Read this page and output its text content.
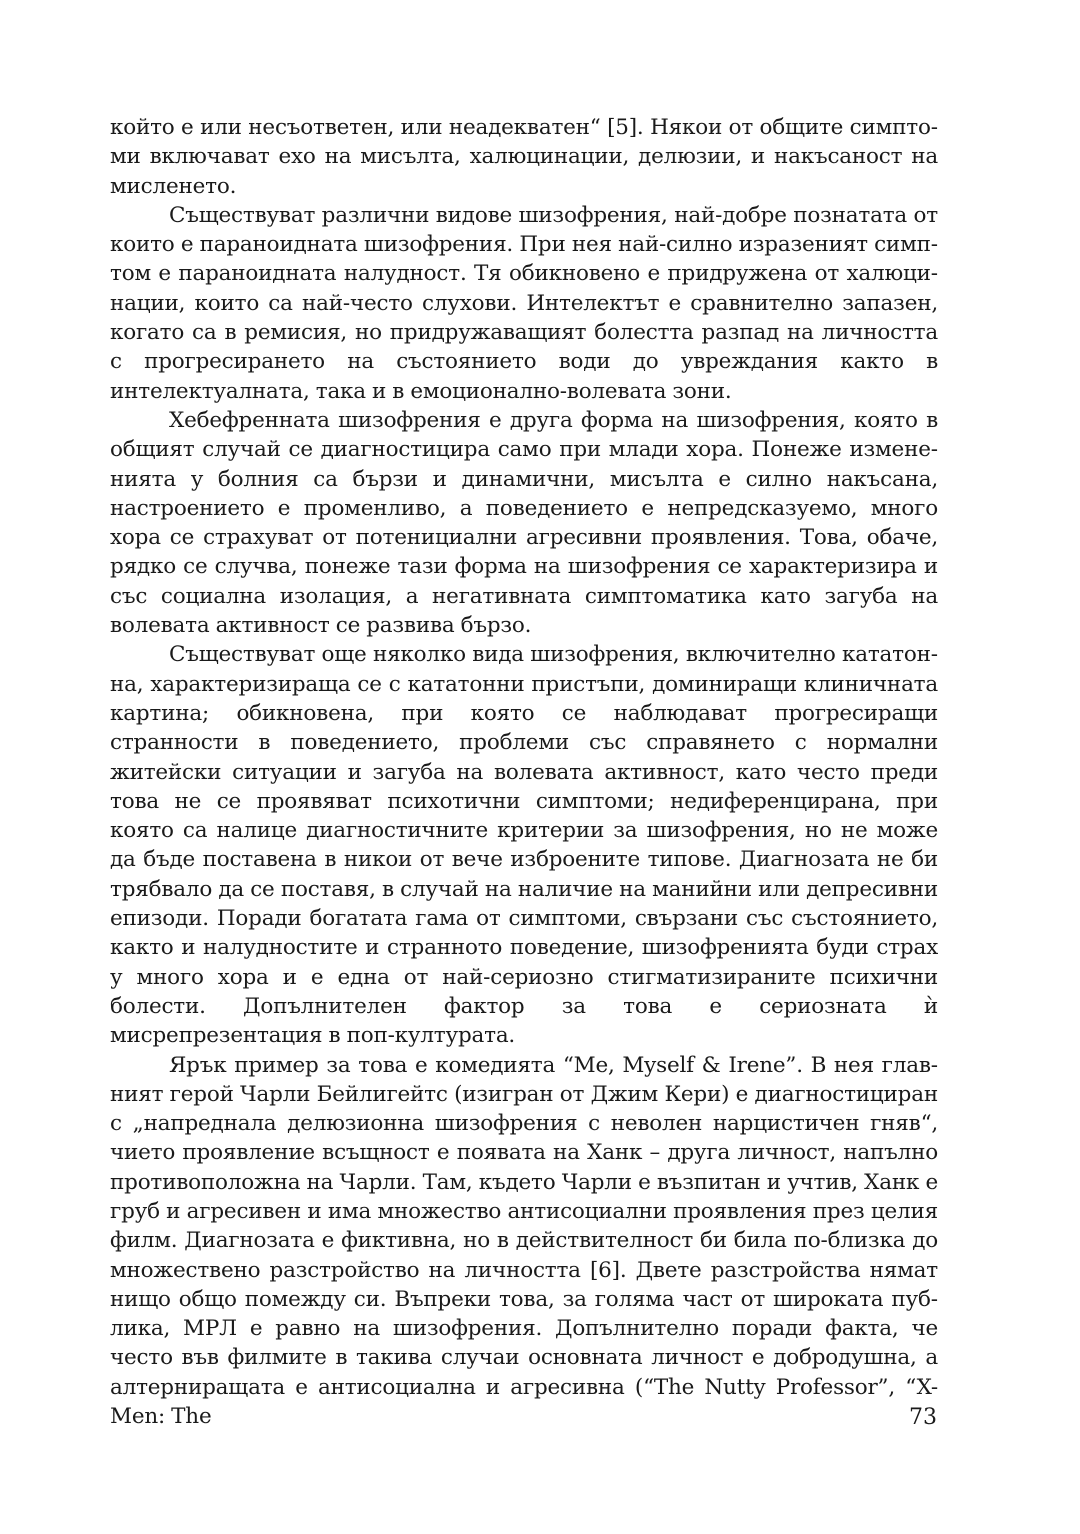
който е или несъответен, или неадекватен“ [5]. Някои от общите симптоми включават ехо на мисълта, халюцинации, делюзии, и накъсаност на мисленето.

Съществуват различни видове шизофрения, най-добре познатата от които е параноидната шизофрения. При нея най-силно изразеният симптом е параноидната налудност. Тя обикновено е придружена от халюцинации, които са най-често слухови. Интелектът е сравнително запазен, когато са в ремисия, но придружаващият болестта разпад на личността с прогресирането на състоянието води до увреждания както в интелектуалната, така и в емоционално-волевата зони.

Хебефренната шизофрения е друга форма на шизофрения, която в общият случай се диагностицира само при млади хора. Понеже измененията у болния са бързи и динамични, мисълта е силно накъсана, настроението е променливо, а поведението е непредсказуемо, много хора се страхуват от потенициални агресивни проявления. Това, обаче, рядко се случва, понеже тази форма на шизофрения се характеризира и със социална изолация, а негативната симптоматика като загуба на волевата активност се развива бързо.

Съществуват още няколко вида шизофрения, включително кататонна, характеризираща се с кататонни пристъпи, доминиращи клиничната картина; обикновена, при която се наблюдават прогресиращи странности в поведението, проблеми със справянето с нормални житейски ситуации и загуба на волевата активност, като често преди това не се проявяват психотични симптоми; недиференцирана, при която са налице диагностичните критерии за шизофрения, но не може да бъде поставена в никои от вече изброените типове. Диагнозата не би трябвало да се поставя, в случай на наличие на манийни или депресивни епизоди. Поради богатата гама от симптоми, свързани със състоянието, както и налудностите и странното поведение, шизофренията буди страх у много хора и е една от най-сериозно стигматизираните психични болести. Допълнителен фактор за това е сериозната ѝ мисрепрезентация в поп-културата.

Ярък пример за това е комедията “Me, Myself & Irene”. В нея главният герой Чарли Бейлигейтс (изигран от Джим Кери) е диагностициран с „напреднала делюзионна шизофрения с неволен нарцистичен гняв“, чието проявление всъщност е появата на Ханк – друга личност, напълно противоположна на Чарли. Там, където Чарли е възпитан и учтив, Ханк е груб и агресивен и има множество антисоциални проявления през целия филм. Диагнозата е фиктивна, но в действителност би била по-близка до множествено разстройство на личността [6]. Двете разстройства нямат нищо общо помежду си. Въпреки това, за голяма част от широката публика, МРЛ е равно на шизофрения. Допълнително поради факта, че често във филмите в такива случаи основната личност е добродушна, а алтерниращата е антисоциална и агресивна (“The Nutty Professor”, “X-Men: The	73
